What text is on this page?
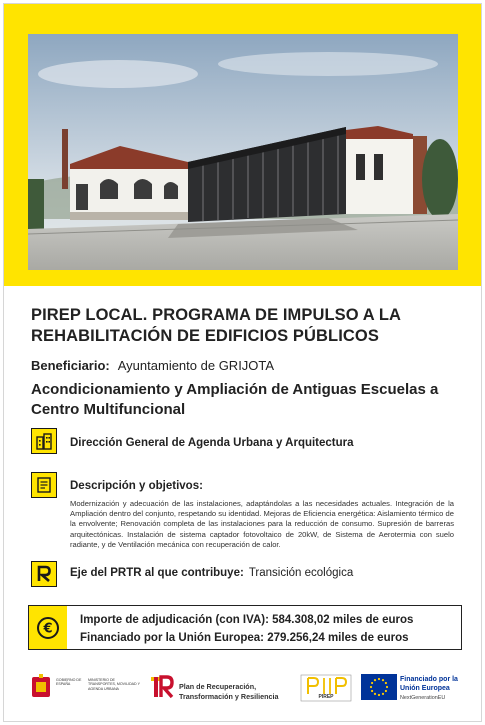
PIREP LOCAL. PROGRAMA DE IMPULSO A LA REHABILITACIÓN DE EDIFICIOS PÚBLICOS
Beneficiario: Ayuntamiento de GRIJOTA
Acondicionamiento y Ampliación de Antiguas Escuelas a Centro Multifuncional
Dirección General de Agenda Urbana y Arquitectura
Descripción y objetivos:
Modernización y adecuación de las instalaciones, adaptándolas a las necesidades actuales. Integración de la Ampliación dentro del conjunto, respetando su identidad. Mejoras de Eficiencia energética: Aislamiento térmico de la envolvente; Renovación completa de las instalaciones para la reducción de consumo. Supresión de barreras arquitectónicas. Instalación de sistema captador fotovoltaico de 20kW, de Sistema de Aerotermia con suelo radiante, y de Ventilación mecánica con recuperación de calor.
Eje del PRTR al que contribuye: Transición ecológica
€
Importe de adjudicación (con IVA): 584.308,02 miles de euros
Financiado por la Unión Europea: 279.256,24 miles de euros
GOBIERNO DE ESPAÑA
MINISTERIO DE TRANSPORTES, MOVILIDAD Y AGENDA URBANA	Plan de Recuperación, Transformación y Resiliencia	PIREP
Financiado por la Unión Europea
NextGenerationEU
